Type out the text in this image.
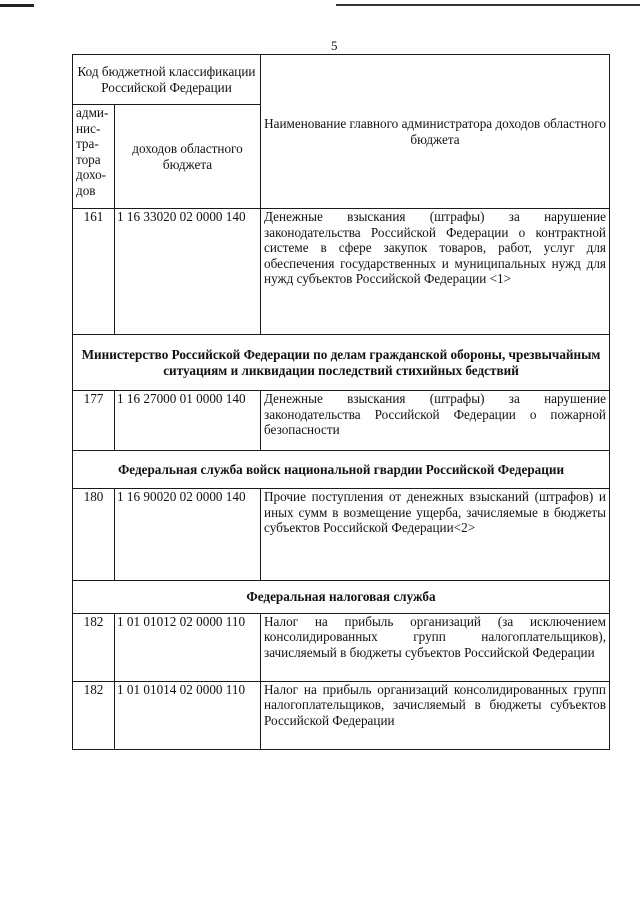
5
Код бюджетной классификации Российской Федерации		Наименование главного администратора доходов областного бюджета
адми-нис-тра-тора дохо-дов	доходов областного бюджета	
161	1 16 33020 02 0000 140	Денежные взыскания (штрафы) за нарушение законодательства Российской Федерации о контрактной системе в сфере закупок товаров, работ, услуг для обеспечения государственных и муниципальных нужд для нужд субъектов Российской Федерации <1>
Министерство Российской Федерации по делам гражданской обороны, чрезвычайным ситуациям и ликвидации последствий стихийных бедствий		
177	1 16 27000 01 0000 140	Денежные взыскания (штрафы) за нарушение законодательства Российской Федерации о пожарной безопасности
Федеральная служба войск национальной гвардии Российской Федерации		
180	1 16 90020 02 0000 140	Прочие поступления от денежных взысканий (штрафов) и иных сумм в возмещение ущерба, зачисляемые в бюджеты субъектов Российской Федерации<2>
Федеральная налоговая служба		
182	1 01 01012 02 0000 110	Налог на прибыль организаций (за исключением консолидированных групп налогоплательщиков), зачисляемый в бюджеты субъектов Российской Федерации
182	1 01 01014 02 0000 110	Налог на прибыль организаций консолидированных групп налогоплательщиков, зачисляемый в бюджеты субъектов Российской Федерации
